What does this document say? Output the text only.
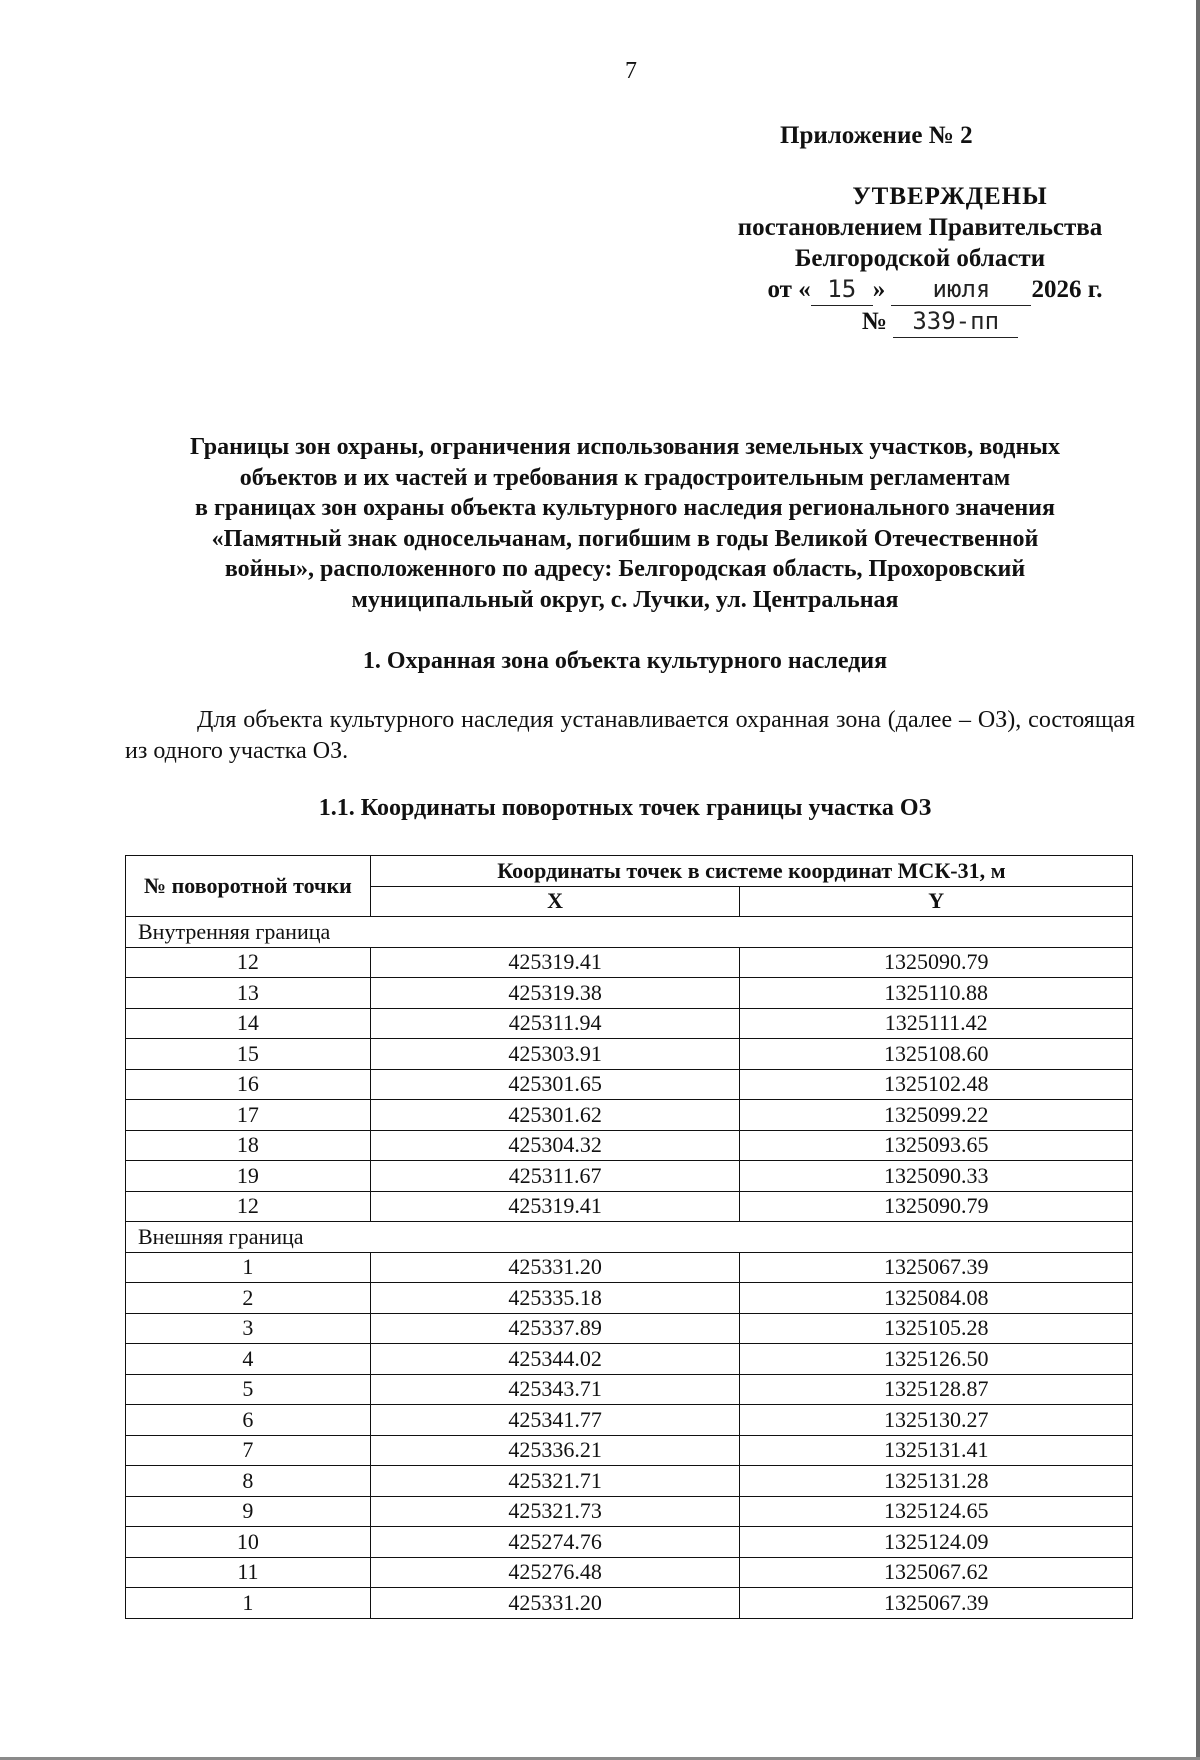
7
Приложение № 2
УТВЕРЖДЕНЫ
постановлением Правительства
Белгородской области
от « 15 » июля 2026 г.
№ 339-пп
Границы зон охраны, ограничения использования земельных участков, водных
объектов и их частей и требования к градостроительным регламентам
в границах зон охраны объекта культурного наследия регионального значения
«Памятный знак односельчанам, погибшим в годы Великой Отечественной
войны», расположенного по адресу: Белгородская область, Прохоровский
муниципальный округ, с. Лучки, ул. Центральная
1. Охранная зона объекта культурного наследия
Для объекта культурного наследия устанавливается охранная зона (далее – ОЗ), состоящая из одного участка ОЗ.
1.1. Координаты поворотных точек границы участка ОЗ
№ поворотной точки	Координаты точек в системе координат МСК-31, м	
	X	Y
Внутренняя граница		
12	425319.41	1325090.79
13	425319.38	1325110.88
14	425311.94	1325111.42
15	425303.91	1325108.60
16	425301.65	1325102.48
17	425301.62	1325099.22
18	425304.32	1325093.65
19	425311.67	1325090.33
12	425319.41	1325090.79
Внешняя граница		
1	425331.20	1325067.39
2	425335.18	1325084.08
3	425337.89	1325105.28
4	425344.02	1325126.50
5	425343.71	1325128.87
6	425341.77	1325130.27
7	425336.21	1325131.41
8	425321.71	1325131.28
9	425321.73	1325124.65
10	425274.76	1325124.09
11	425276.48	1325067.62
1	425331.20	1325067.39
